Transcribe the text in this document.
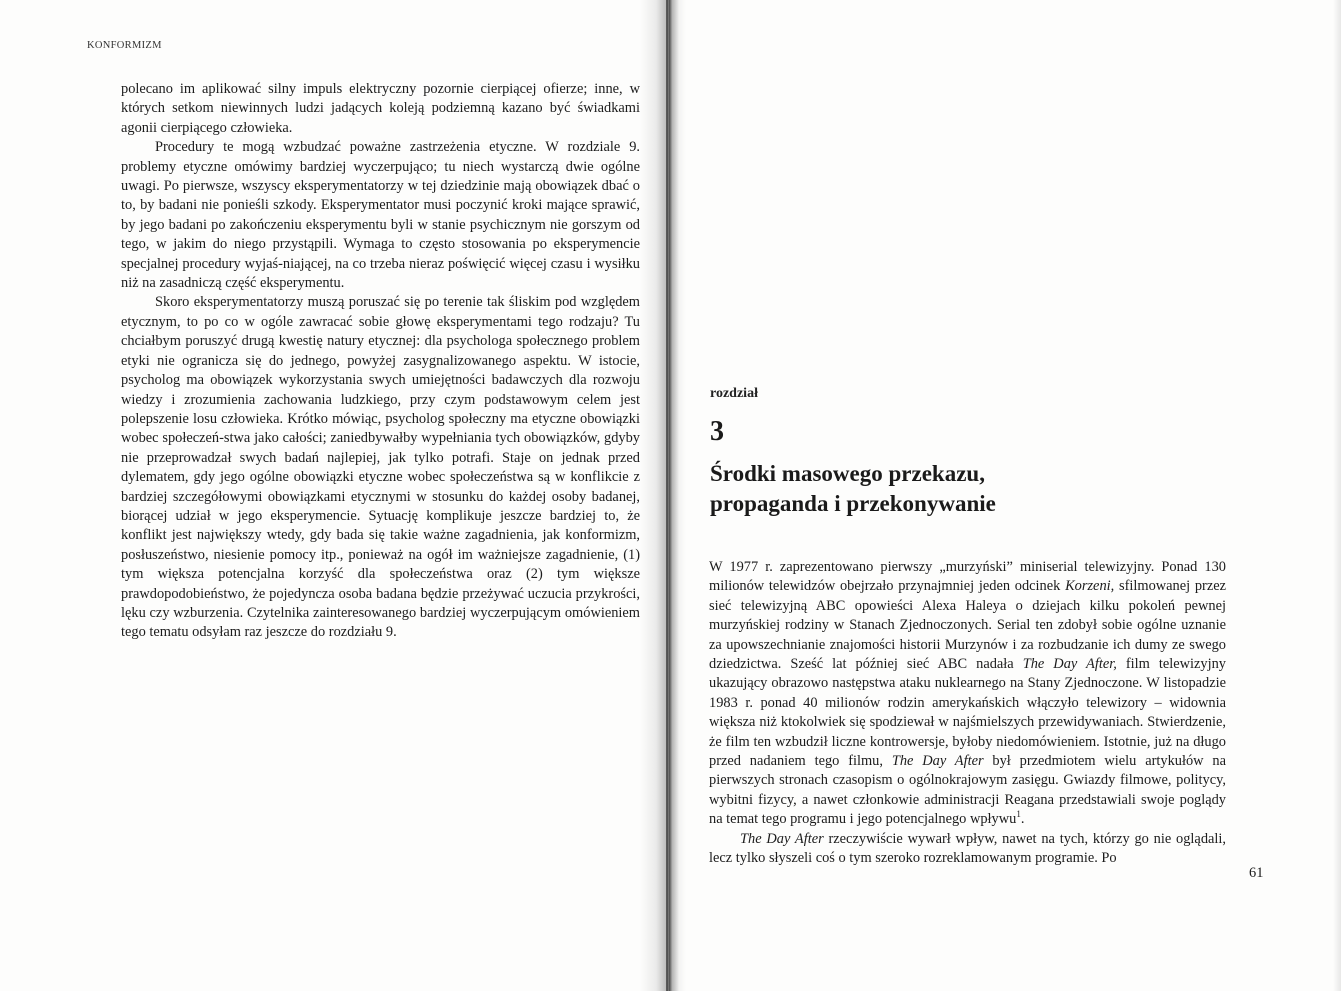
KONFORMIZM

polecano im aplikować silny impuls elektryczny pozornie cierpiącej ofierze; inne, w których setkom niewinnych ludzi jadących koleją podziemną kazano być świadkami agonii cierpiącego człowieka.

Procedury te mogą wzbudzać poważne zastrzeżenia etyczne. W rozdziale 9. problemy etyczne omówimy bardziej wyczerpująco; tu niech wystarczą dwie ogólne uwagi. Po pierwsze, wszyscy eksperymentatorzy w tej dziedzinie mają obowiązek dbać o to, by badani nie ponieśli szkody. Eksperymentator musi poczynić kroki mające sprawić, by jego badani po zakończeniu eksperymentu byli w stanie psychicznym nie gorszym od tego, w jakim do niego przystąpili. Wymaga to często stosowania po eksperymencie specjalnej procedury wyjaś-niającej, na co trzeba nieraz poświęcić więcej czasu i wysiłku niż na zasadniczą część eksperymentu.

Skoro eksperymentatorzy muszą poruszać się po terenie tak śliskim pod względem etycznym, to po co w ogóle zawracać sobie głowę eksperymentami tego rodzaju? Tu chciałbym poruszyć drugą kwestię natury etycznej: dla psychologa społecznego problem etyki nie ogranicza się do jednego, powyżej zasygnalizowanego aspektu. W istocie, psycholog ma obowiązek wykorzystania swych umiejętności badawczych dla rozwoju wiedzy i zrozumienia zachowania ludzkiego, przy czym podstawowym celem jest polepszenie losu człowieka. Krótko mówiąc, psycholog społeczny ma etyczne obowiązki wobec społeczeń-stwa jako całości; zaniedbywałby wypełniania tych obowiązków, gdyby nie przeprowadzał swych badań najlepiej, jak tylko potrafi. Staje on jednak przed dylematem, gdy jego ogólne obowiązki etyczne wobec społeczeństwa są w konflikcie z bardziej szczegółowymi obowiązkami etycznymi w stosunku do każdej osoby badanej, biorącej udział w jego eksperymencie. Sytuację komplikuje jeszcze bardziej to, że konflikt jest największy wtedy, gdy bada się takie ważne zagadnienia, jak konformizm, posłuszeństwo, niesienie pomocy itp., ponieważ na ogół im ważniejsze zagadnienie, (1) tym większa potencjalna korzyść dla społeczeństwa oraz (2) tym większe prawdopodobieństwo, że pojedyncza osoba badana będzie przeżywać uczucia przykrości, lęku czy wzburzenia. Czytelnika zainteresowanego bardziej wyczerpującym omówieniem tego tematu odsyłam raz jeszcze do rozdziału 9.

rozdział
3
Środki masowego przekazu,
propaganda i przekonywanie

W 1977 r. zaprezentowano pierwszy „murzyński” miniserial telewizyjny. Ponad 130 milionów telewidzów obejrzało przynajmniej jeden odcinek Korzeni, sfilmowanej przez sieć telewizyjną ABC opowieści Alexa Haleya o dziejach kilku pokoleń pewnej murzyńskiej rodziny w Stanach Zjednoczonych. Serial ten zdobył sobie ogólne uznanie za upowszechnianie znajomości historii Murzynów i za rozbudzanie ich dumy ze swego dziedzictwa. Sześć lat później sieć ABC nadała The Day After, film telewizyjny ukazujący obrazowo następstwa ataku nuklearnego na Stany Zjednoczone. W listopadzie 1983 r. ponad 40 milionów rodzin amerykańskich włączyło telewizory – widownia większa niż ktokolwiek się spodziewał w najśmielszych przewidywaniach. Stwierdzenie, że film ten wzbudził liczne kontrowersje, byłoby niedomówieniem. Istotnie, już na długo przed nadaniem tego filmu, The Day After był przedmiotem wielu artykułów na pierwszych stronach czasopism o ogólnokrajowym zasięgu. Gwiazdy filmowe, politycy, wybitni fizycy, a nawet członkowie administracji Reagana przedstawiali swoje poglądy na temat tego programu i jego potencjalnego wpływu$^1$.

The Day After rzeczywiście wywarł wpływ, nawet na tych, którzy go nie oglądali, lecz tylko słyszeli coś o tym szeroko rozreklamowanym programie. Po

61
